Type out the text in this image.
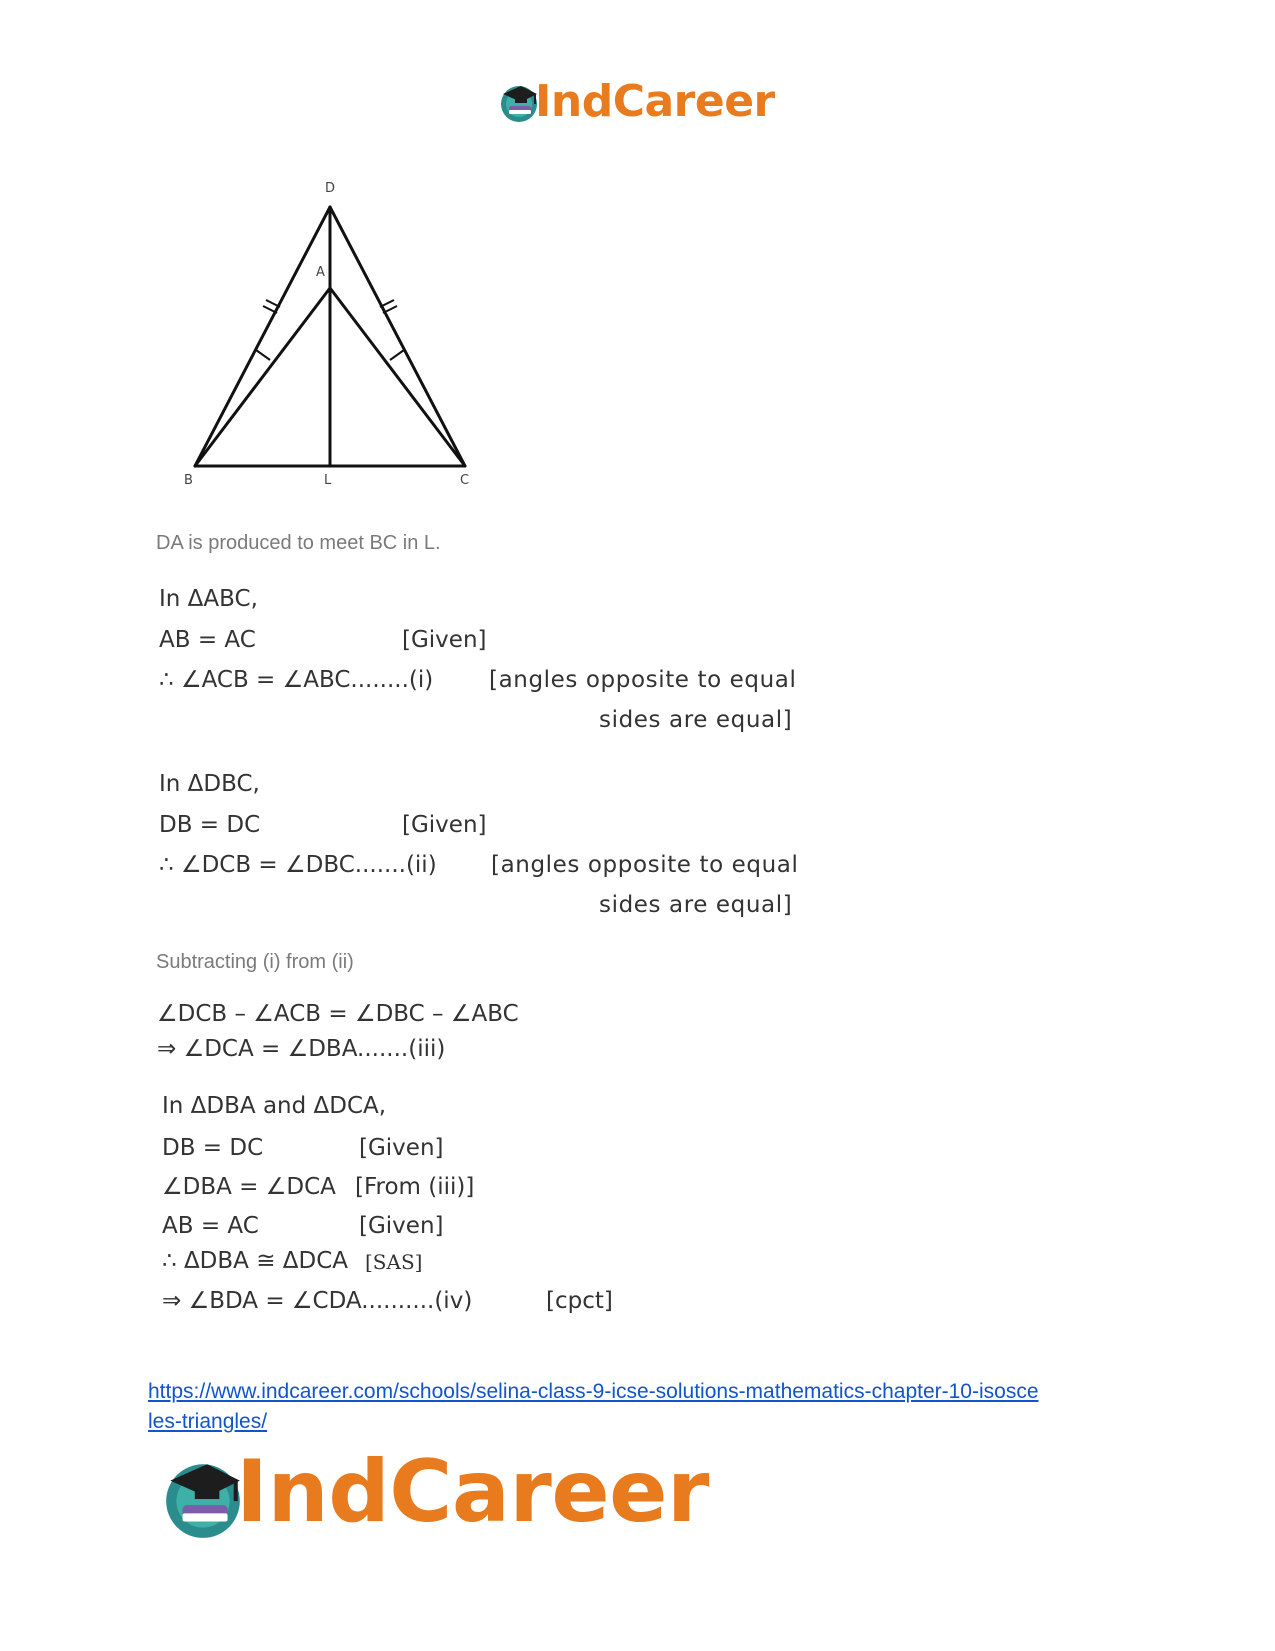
IndCareer
D
A
B	L	C
DA is produced to meet BC in L.
In ΔABC,
AB = AC	[Given]
∴ ∠ACB = ∠ABC........(i) [angles opposite to equal
sides are equal]
In ΔDBC,
DB = DC	[Given]
∴ ∠DCB = ∠DBC.......(ii) [angles opposite to equal
sides are equal]
Subtracting (i) from (ii)
∠DCB – ∠ACB = ∠DBC – ∠ABC
⇒ ∠DCA = ∠DBA.......(iii)
In ΔDBA and ΔDCA,
DB = DC	[Given]
∠DBA = ∠DCA [From (iii)]
AB = AC	[Given]
∴ ΔDBA ≅ ΔDCA [SAS]
⇒ ∠BDA = ∠CDA..........(iv)	[cpct]
https://www.indcareer.com/schools/selina-class-9-icse-solutions-mathematics-chapter-10-isosce
les-triangles/
IndCareer
